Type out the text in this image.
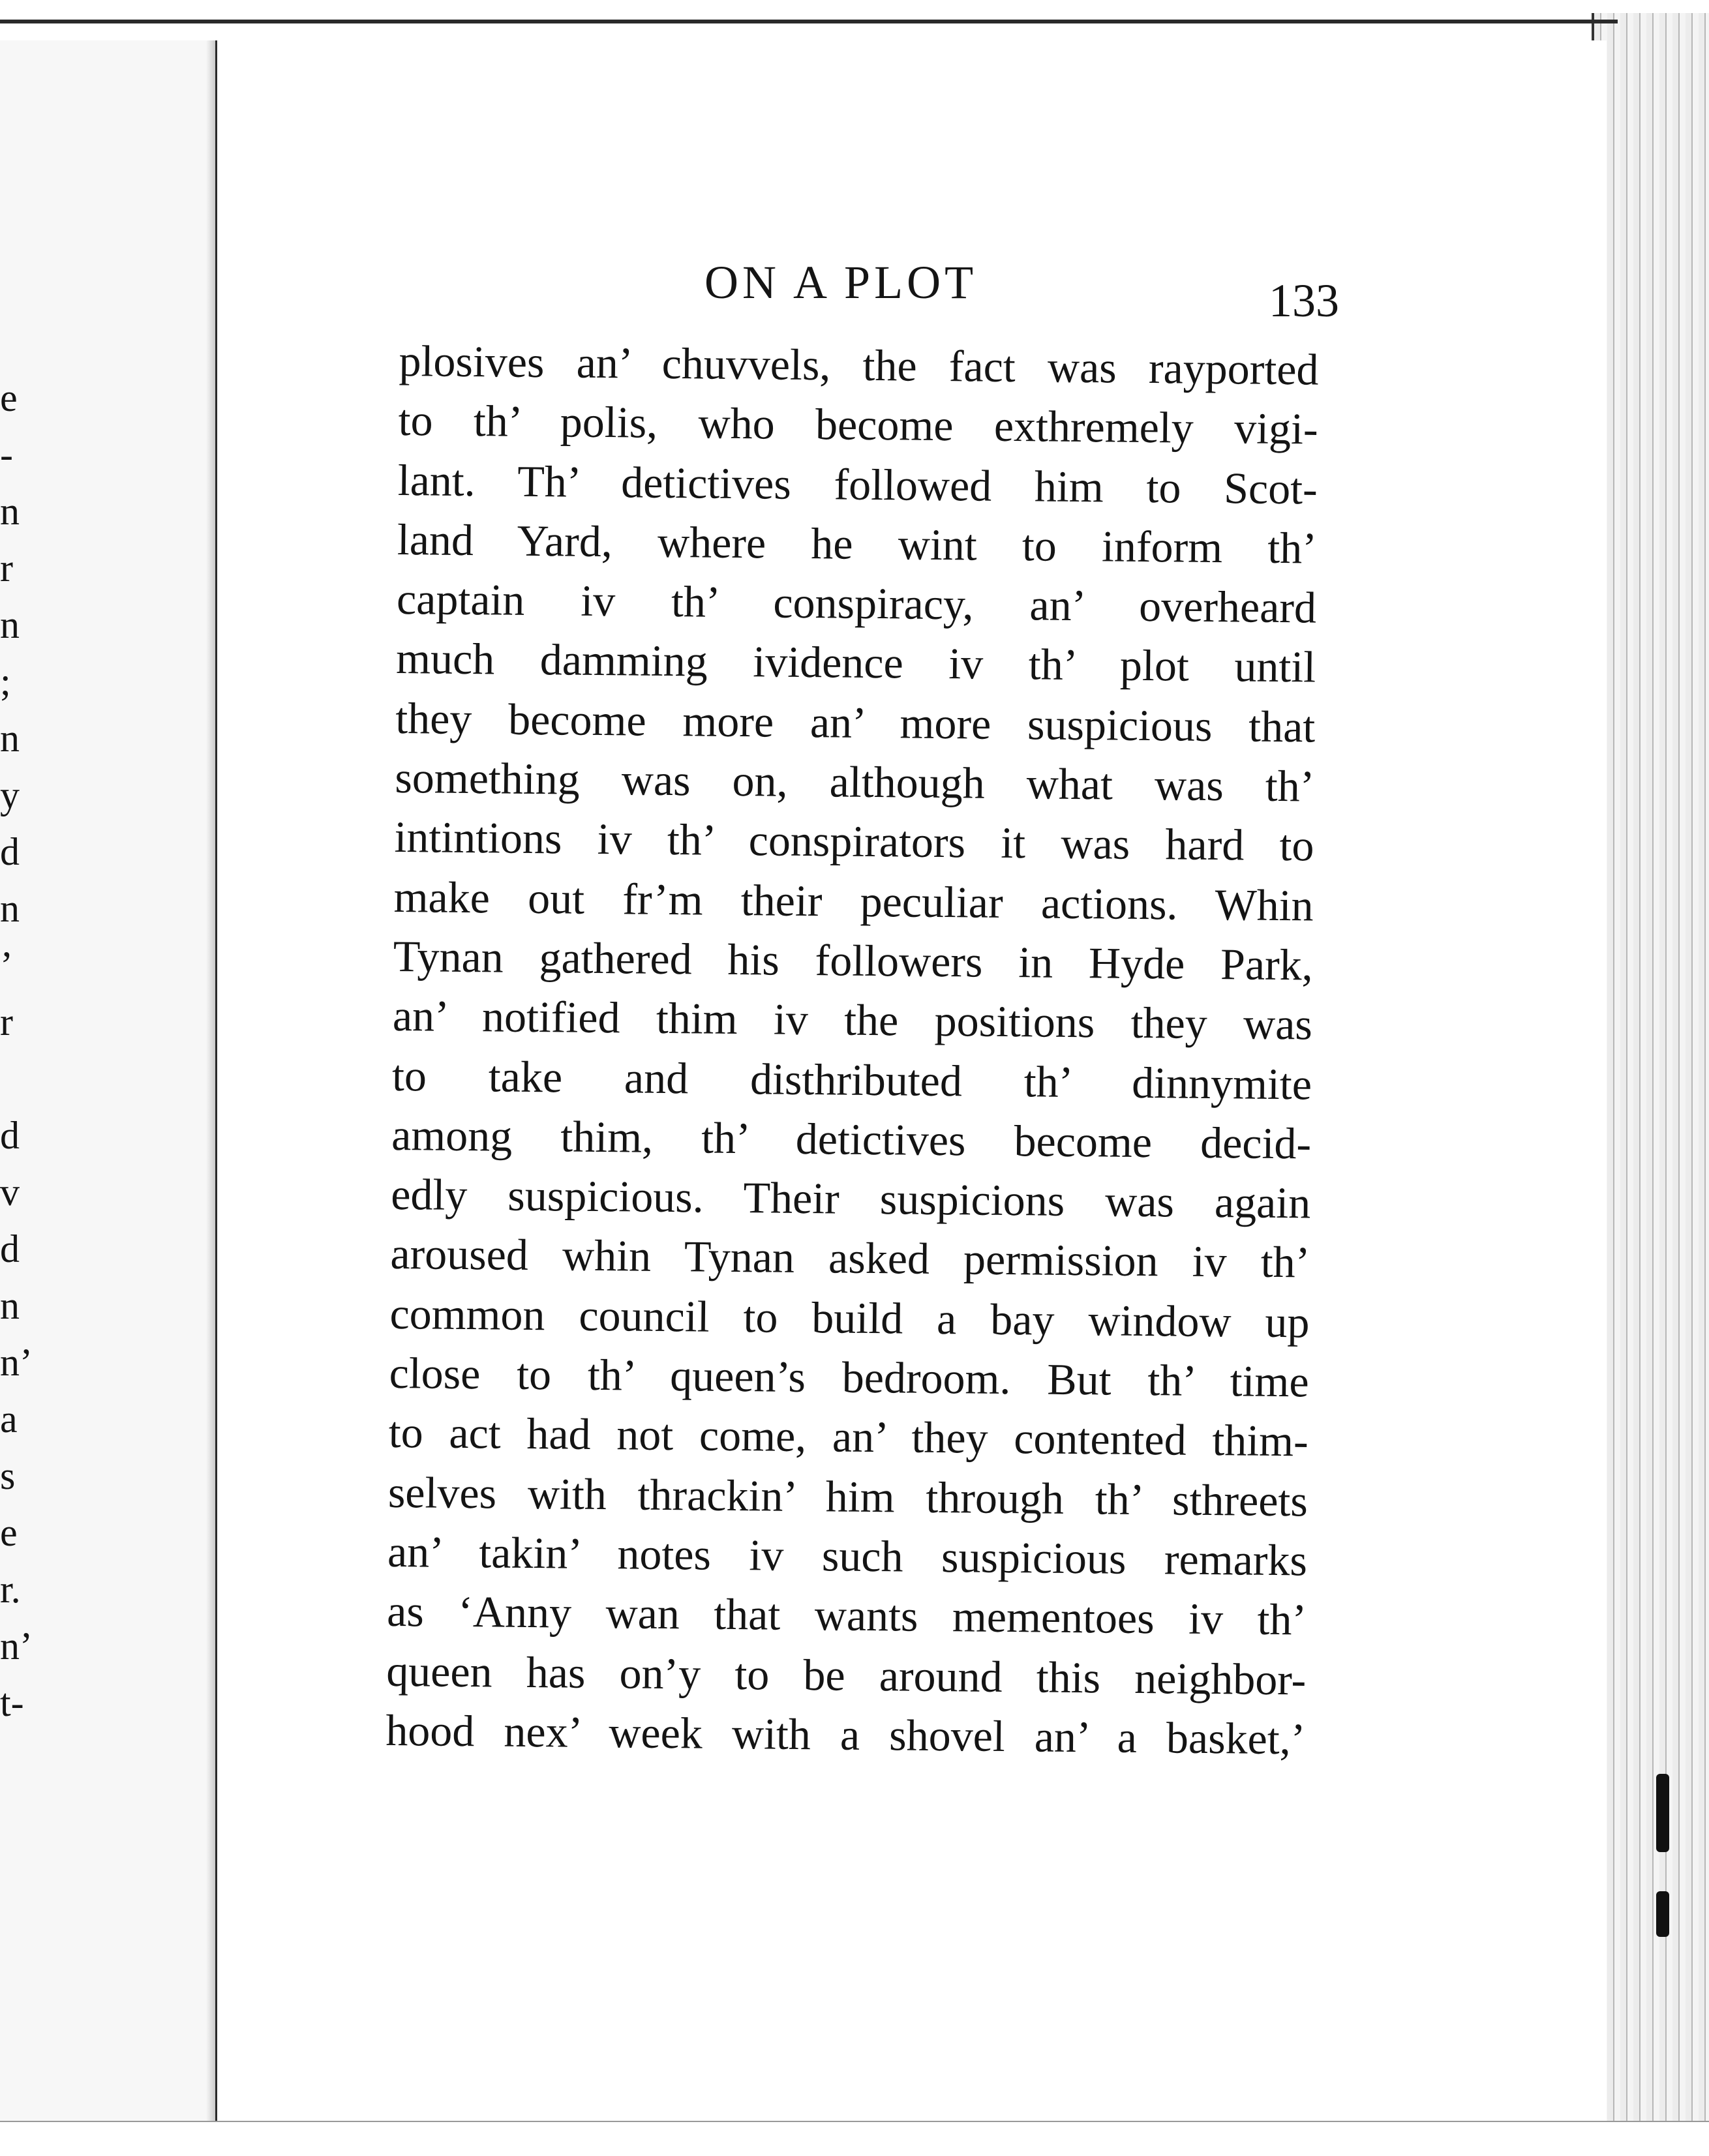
e
-
n
r
n
;
n
y
d
n
’
r
d
v
d
n
n’
a
s
e
r.
n’
t-
ON A PLOT	133
plosives an’ chuvvels, the fact was rayported
to th’ polis, who become exthremely vigi-
lant. Th’ detictives followed him to Scot-
land Yard, where he wint to inform th’
captain iv th’ conspiracy, an’ overheard
much damming ividence iv th’ plot until
they become more an’ more suspicious that
something was on, although what was th’
intintions iv th’ conspirators it was hard to
make out fr’m their peculiar actions. Whin
Tynan gathered his followers in Hyde Park,
an’ notified thim iv the positions they was
to take and disthributed th’ dinnymite
among thim, th’ detictives become decid-
edly suspicious. Their suspicions was again
aroused whin Tynan asked permission iv th’
common council to build a bay window up
close to th’ queen’s bedroom. But th’ time
to act had not come, an’ they contented thim-
selves with thrackin’ him through th’ sthreets
an’ takin’ notes iv such suspicious remarks
as ‘Anny wan that wants mementoes iv th’
queen has on’y to be around this neighbor-
hood nex’ week with a shovel an’ a basket,’
